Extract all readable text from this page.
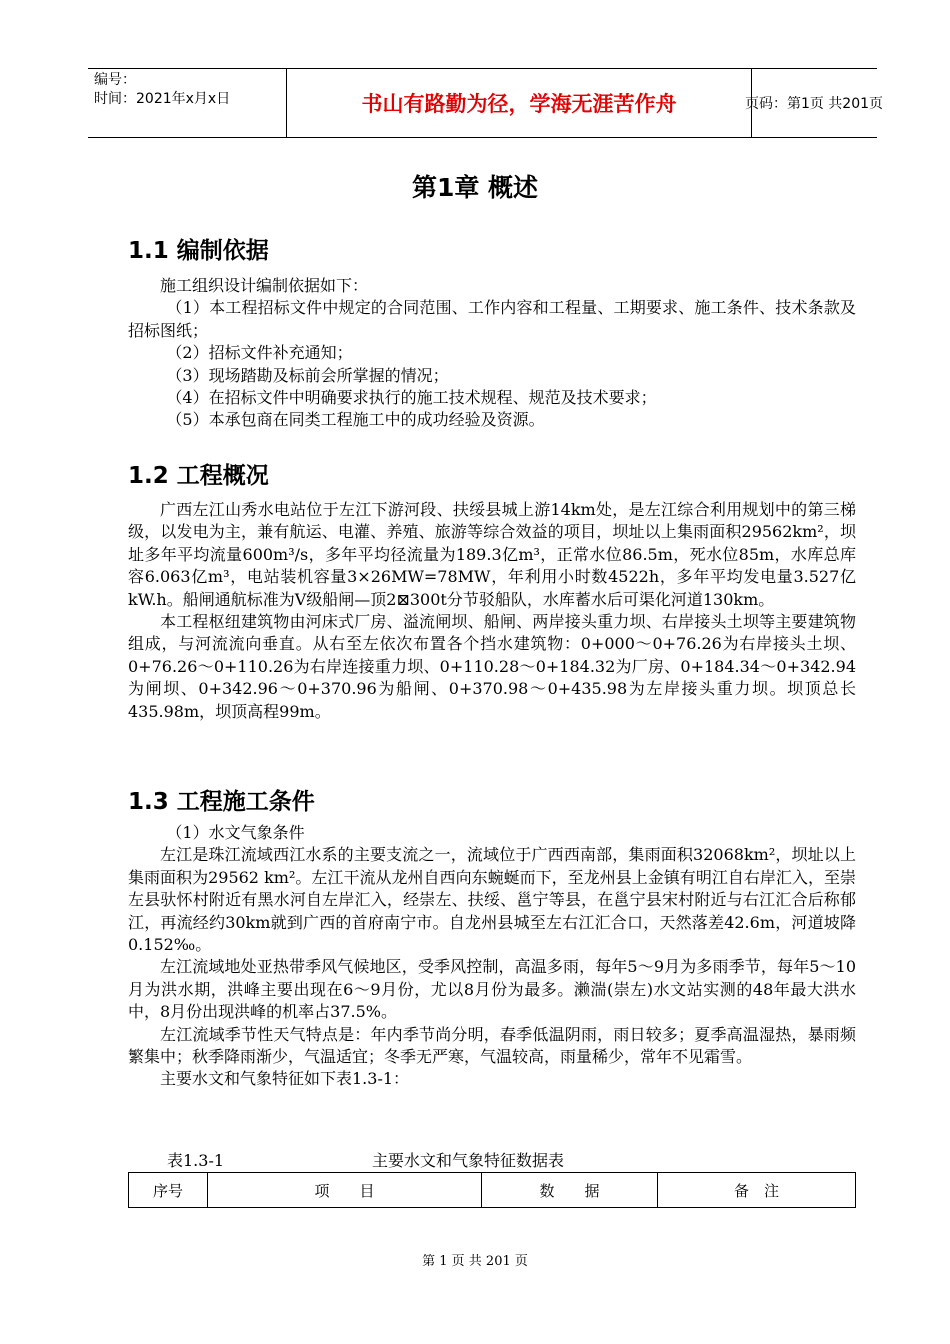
编号：
时间：2021年x月x日	书山有路勤为径，学海无涯苦作舟	页码：第1页 共201页
第1章 概述
1.1 编制依据
施工组织设计编制依据如下：
（1）本工程招标文件中规定的合同范围、工作内容和工程量、工期要求、施工条件、技术条款及招标图纸；
（2）招标文件补充通知；
（3）现场踏勘及标前会所掌握的情况；
（4）在招标文件中明确要求执行的施工技术规程、规范及技术要求；
（5）本承包商在同类工程施工中的成功经验及资源。
1.2 工程概况
广西左江山秀水电站位于左江下游河段、扶绥县城上游14km处，是左江综合利用规划中的第三梯级，以发电为主，兼有航运、电灌、养殖、旅游等综合效益的项目，坝址以上集雨面积29562km²，坝址多年平均流量600m³/s，多年平均径流量为189.3亿m³，正常水位86.5m，死水位85m，水库总库容6.063亿m³，电站装机容量3×26MW=78MW，年利用小时数4522h，多年平均发电量3.527亿kW.h。船闸通航标准为Ⅴ级船闸—顶2⊠300t分节驳船队，水库蓄水后可渠化河道130km。
本工程枢纽建筑物由河床式厂房、溢流闸坝、船闸、两岸接头重力坝、右岸接头土坝等主要建筑物组成，与河流流向垂直。从右至左依次布置各个挡水建筑物：0+000～0+76.26为右岸接头土坝、0+76.26～0+110.26为右岸连接重力坝、0+110.28～0+184.32为厂房、0+184.34～0+342.94为闸坝、0+342.96～0+370.96为船闸、0+370.98～0+435.98为左岸接头重力坝。坝顶总长435.98m，坝顶高程99m。
1.3 工程施工条件
（1）水文气象条件
左江是珠江流域西江水系的主要支流之一，流域位于广西西南部，集雨面积32068km²，坝址以上集雨面积为29562 km²。左江干流从龙州自西向东蜿蜒而下，至龙州县上金镇有明江自右岸汇入，至崇左县驮怀村附近有黑水河自左岸汇入，经崇左、扶绥、邕宁等县，在邕宁县宋村附近与右江汇合后称郁江，再流经约30km就到广西的首府南宁市。自龙州县城至左右江汇合口，天然落差42.6m，河道坡降0.152‰。
左江流域地处亚热带季风气候地区，受季风控制，高温多雨，每年5～9月为多雨季节，每年5～10月为洪水期，洪峰主要出现在6～9月份，尤以8月份为最多。濑湍(崇左)水文站实测的48年最大洪水中，8月份出现洪峰的机率占37.5%。
左江流域季节性天气特点是：年内季节尚分明，春季低温阴雨，雨日较多；夏季高温湿热，暴雨频繁集中；秋季降雨渐少，气温适宜；冬季无严寒，气温较高，雨量稀少，常年不见霜雪。
主要水文和气象特征如下表1.3-1：
表1.3-1	主要水文和气象特征数据表
序号	项　　目	数　　据	备　注
第 1 页 共 201 页
